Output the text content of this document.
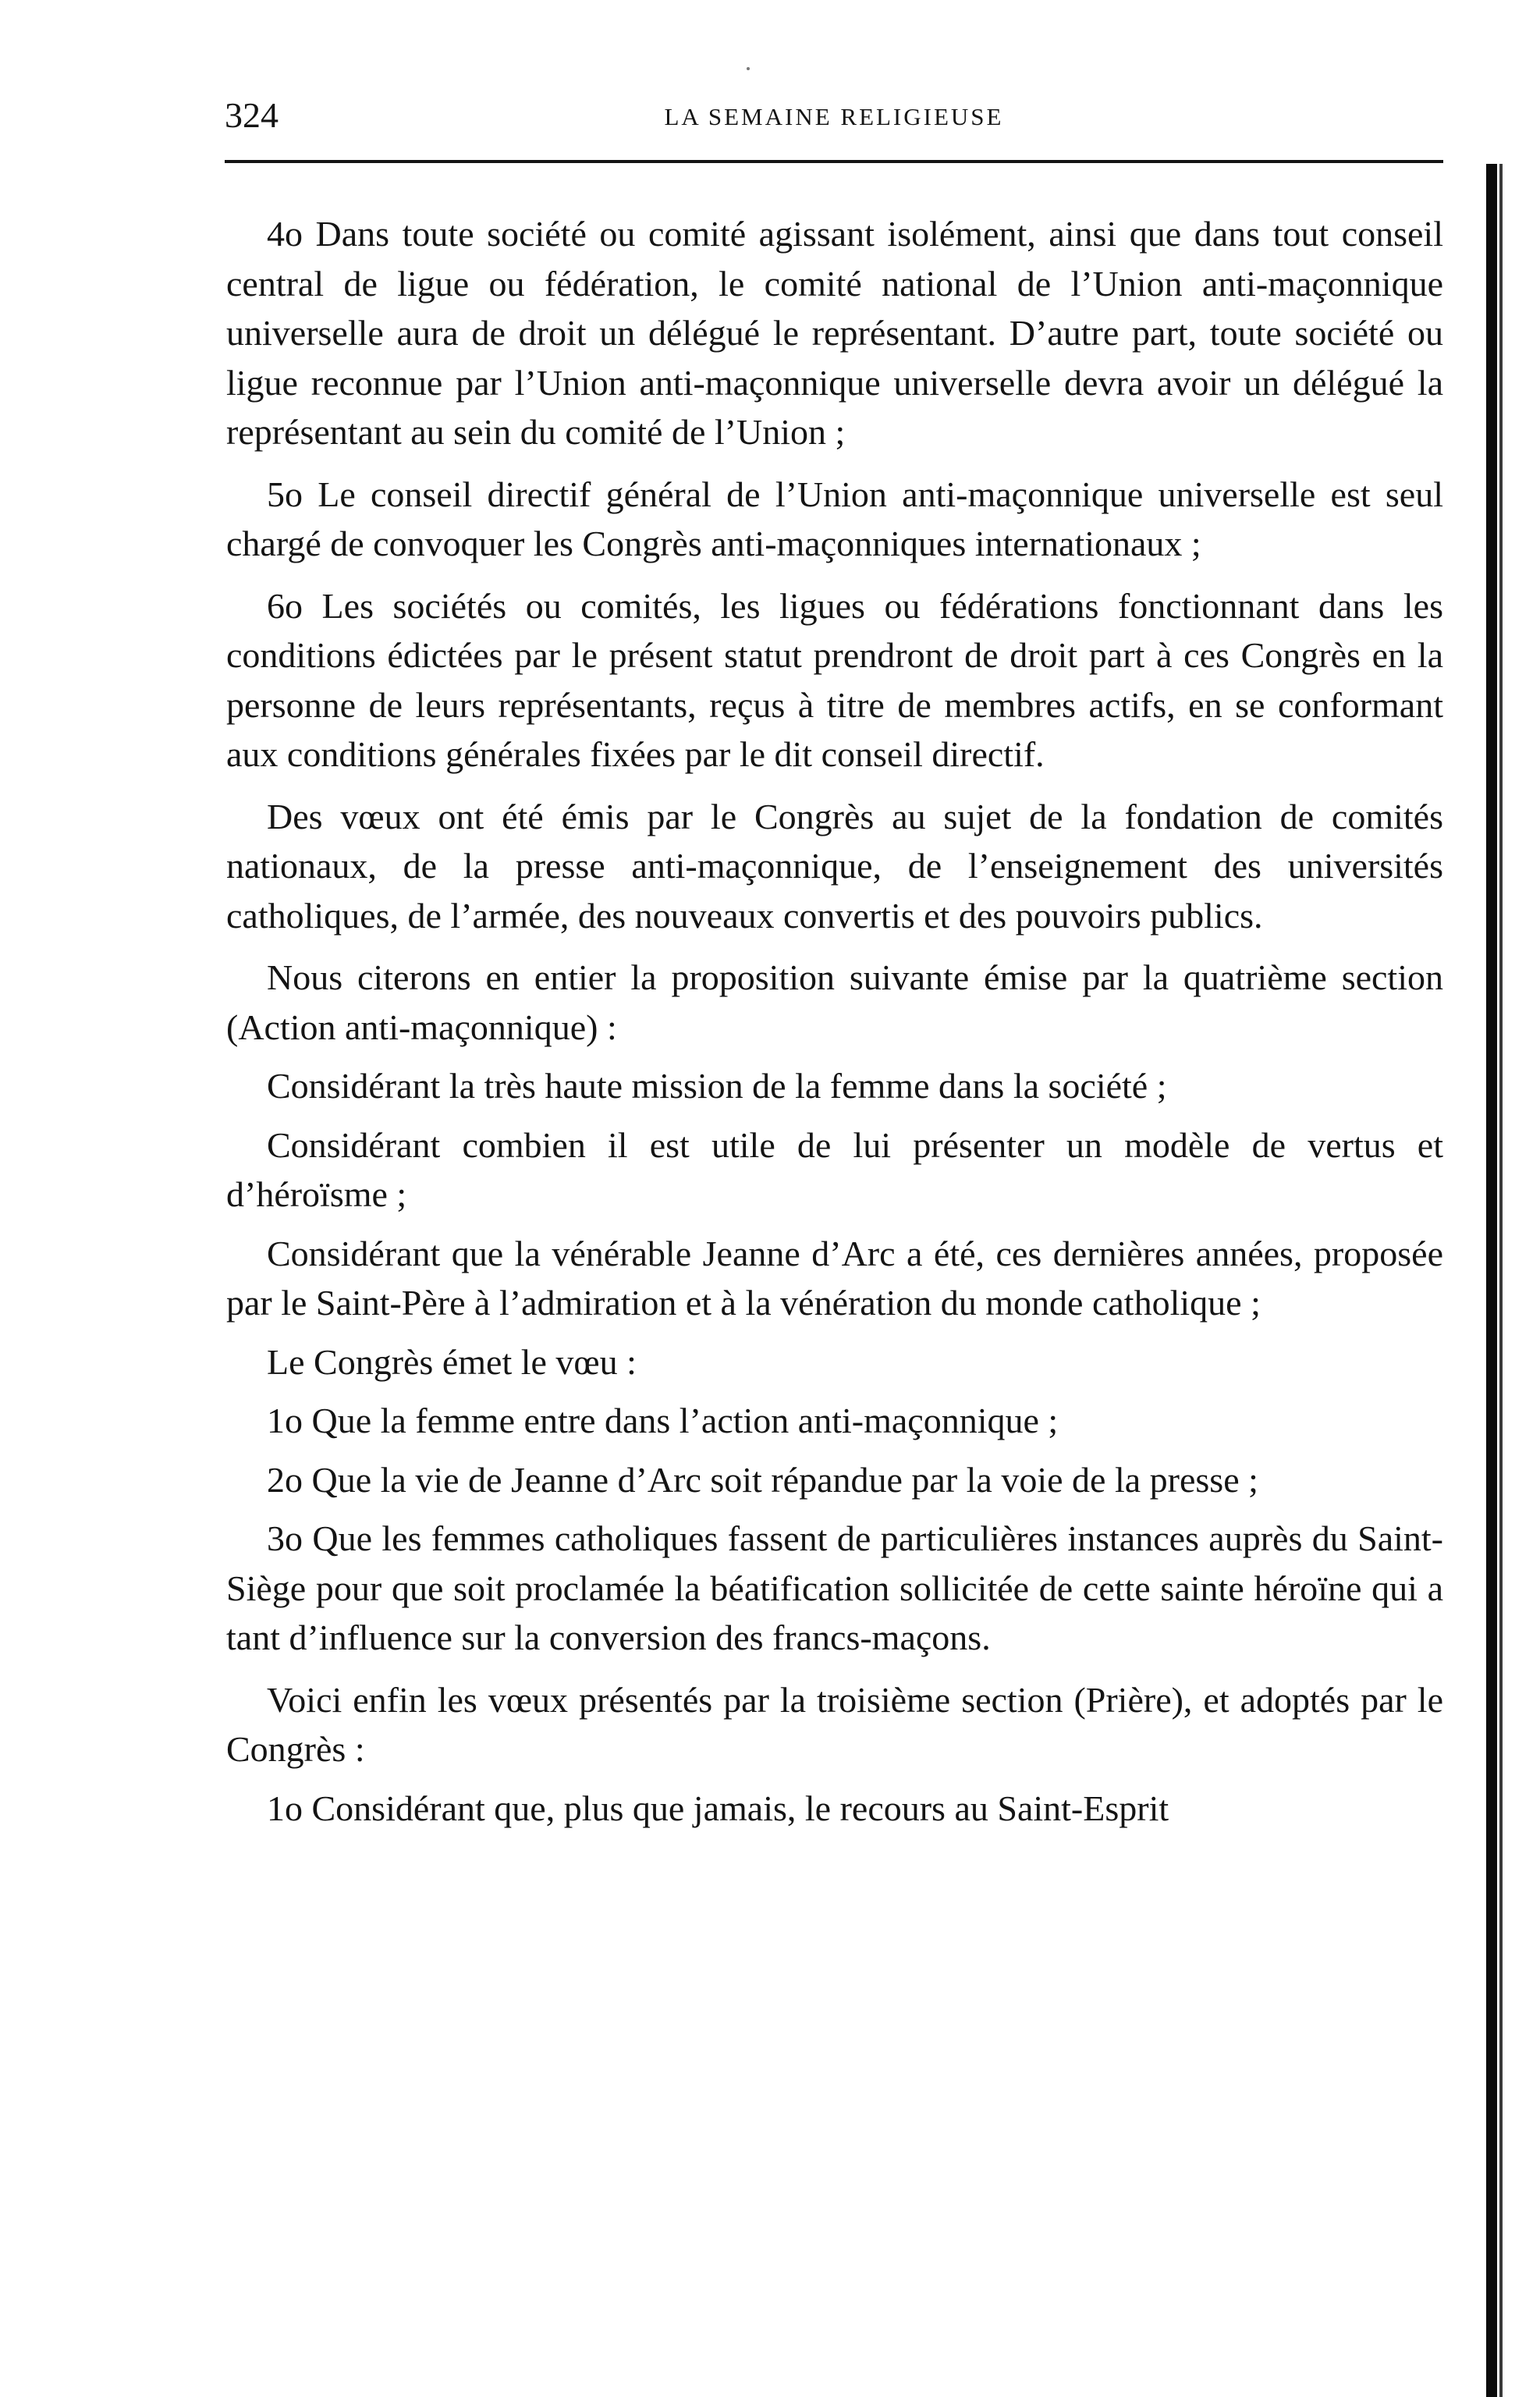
324	LA SEMAINE RELIGIEUSE

4o Dans toute société ou comité agissant isolément, ainsi que dans tout conseil central de ligue ou fédération, le comité national de l’Union anti-maçonnique universelle aura de droit un délégué le représentant. D’autre part, toute société ou ligue reconnue par l’Union anti-maçonnique universelle devra avoir un délégué la représentant au sein du comité de l’Union ;

5o Le conseil directif général de l’Union anti-maçonnique universelle est seul chargé de convoquer les Congrès anti-maçonniques internationaux ;

6o Les sociétés ou comités, les ligues ou fédérations fonctionnant dans les conditions édictées par le présent statut prendront de droit part à ces Congrès en la personne de leurs représentants, reçus à titre de membres actifs, en se conformant aux conditions générales fixées par le dit conseil directif.

Des vœux ont été émis par le Congrès au sujet de la fondation de comités nationaux, de la presse anti-maçonnique, de l’enseignement des universités catholiques, de l’armée, des nouveaux convertis et des pouvoirs publics.

Nous citerons en entier la proposition suivante émise par la quatrième section (Action anti-maçonnique) :

Considérant la très haute mission de la femme dans la société ;

Considérant combien il est utile de lui présenter un modèle de vertus et d’héroïsme ;

Considérant que la vénérable Jeanne d’Arc a été, ces dernières années, proposée par le Saint-Père à l’admiration et à la vénération du monde catholique ;

Le Congrès émet le vœu :

1o Que la femme entre dans l’action anti-maçonnique ;

2o Que la vie de Jeanne d’Arc soit répandue par la voie de la presse ;

3o Que les femmes catholiques fassent de particulières instances auprès du Saint-Siège pour que soit proclamée la béatification sollicitée de cette sainte héroïne qui a tant d’influence sur la conversion des francs-maçons.

Voici enfin les vœux présentés par la troisième section (Prière), et adoptés par le Congrès :

1o Considérant que, plus que jamais, le recours au Saint-Esprit
